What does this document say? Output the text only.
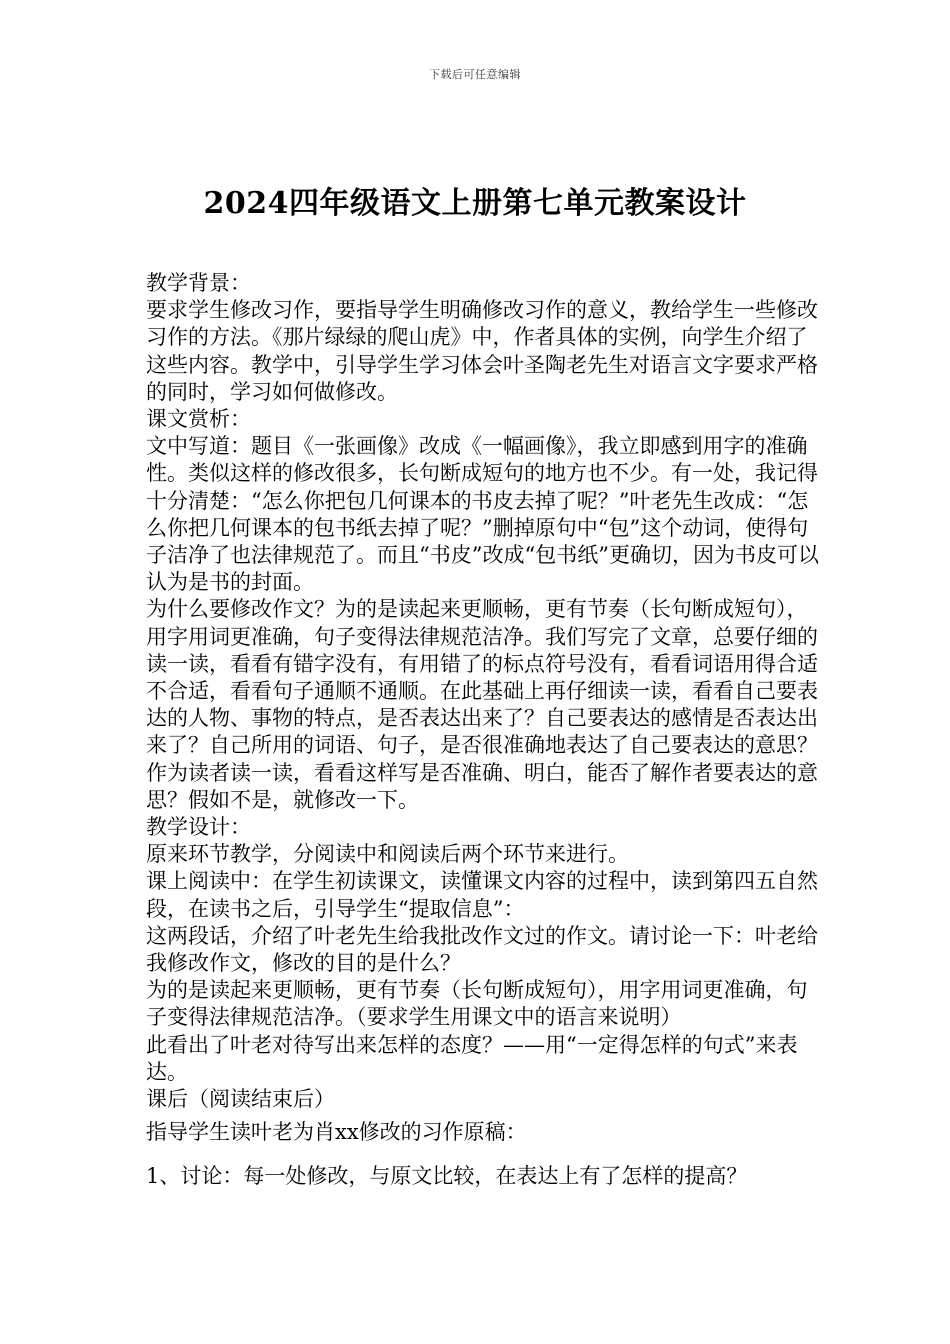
下载后可任意编辑
2024四年级语文上册第七单元教案设计

教学背景：

要求学生修改习作，要指导学生明确修改习作的意义，教给学生一些修改习作的方法。《那片绿绿的爬山虎》中，作者具体的实例，向学生介绍了这些内容。教学中，引导学生学习体会叶圣陶老先生对语言文字要求严格的同时，学习如何做修改。

课文赏析：

文中写道：题目《一张画像》改成《一幅画像》，我立即感到用字的准确性。类似这样的修改很多，长句断成短句的地方也不少。有一处，我记得十分清楚：“怎么你把包几何课本的书皮去掉了呢？”叶老先生改成：“怎么你把几何课本的包书纸去掉了呢？”删掉原句中“包”这个动词，使得句子洁净了也法律规范了。而且“书皮”改成“包书纸”更确切，因为书皮可以认为是书的封面。

为什么要修改作文？为的是读起来更顺畅，更有节奏（长句断成短句），用字用词更准确，句子变得法律规范洁净。我们写完了文章，总要仔细的读一读，看看有错字没有，有用错了的标点符号没有，看看词语用得合适不合适，看看句子通顺不通顺。在此基础上再仔细读一读，看看自己要表达的人物、事物的特点，是否表达出来了？自己要表达的感情是否表达出来了？自己所用的词语、句子，是否很准确地表达了自己要表达的意思？作为读者读一读，看看这样写是否准确、明白，能否了解作者要表达的意思？假如不是，就修改一下。

教学设计：

原来环节教学，分阅读中和阅读后两个环节来进行。

课上阅读中：在学生初读课文，读懂课文内容的过程中，读到第四五自然段，在读书之后，引导学生“提取信息”：

这两段话，介绍了叶老先生给我批改作文过的作文。请讨论一下：叶老给我修改作文，修改的目的是什么？

为的是读起来更顺畅，更有节奏（长句断成短句），用字用词更准确，句子变得法律规范洁净。（要求学生用课文中的语言来说明）

此看出了叶老对待写出来怎样的态度？——用“一定得怎样的句式”来表达。

课后（阅读结束后）

指导学生读叶老为肖xx修改的习作原稿：

1、讨论：每一处修改，与原文比较，在表达上有了怎样的提高？
